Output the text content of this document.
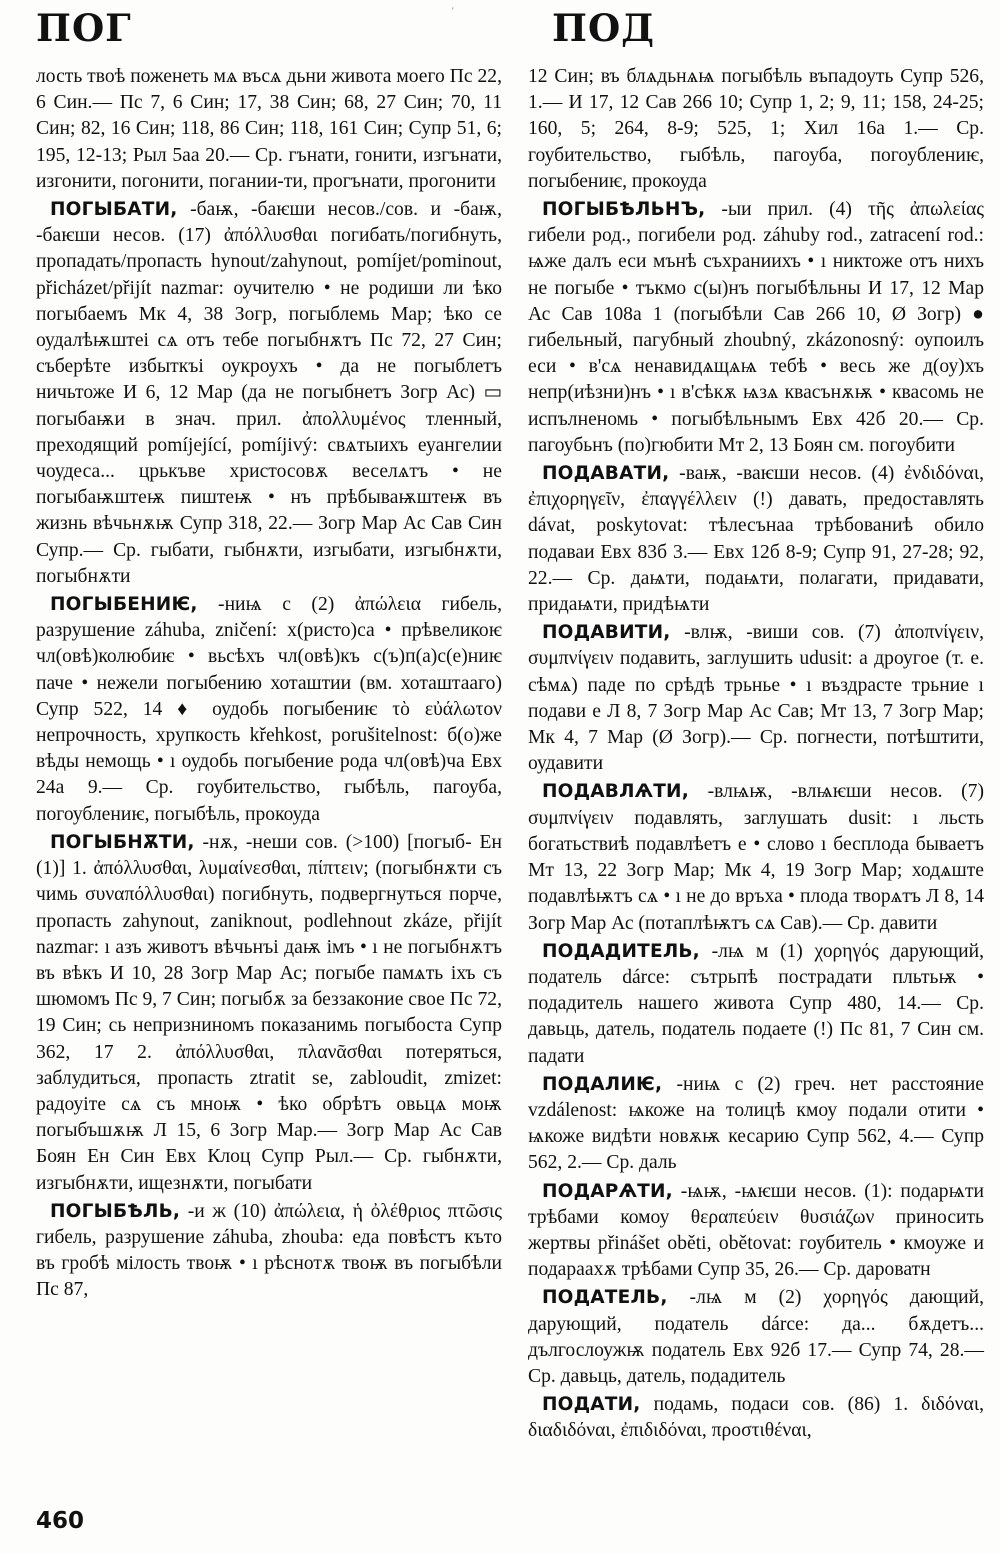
ПОГ	'	ПОД

лость твоѣ поженеть мѧ въсѧ дьни живота моего Пс 22, 6 Син.— Пс 7, 6 Син; 17, 38 Син; 68, 27 Син; 70, 11 Син; 82, 16 Син; 118, 86 Син; 118, 161 Син; Супр 51, 6; 195, 12-13; Рыл 5аа 20.— Ср. гънати, гонити, изгънати, изгонити, погонити, погании-ти, прогънати, прогонити

ПОГЫБАТИ, -баѭ, -баѥши несов./сов. и -баѭ, -баѥши несов. (17) ἀπόλλυσθαι погибать/погибнуть, пропадать/пропасть hynout/zahynout, pomíjet/pominout, přicházet/přijít nazmar: оучителю • не родиши ли ѣко погыбаемъ Мк 4, 38 Зогр, погыблемь Мар; ѣко се оудалѣѭштеі сѧ отъ тебе погыбнѫтъ Пс 72, 27 Син; съберѣте избыткъі оукроухъ • да не погыблетъ ничьтоже И 6, 12 Мар (да не погыбнетъ Зогр Ас) ▭ погыбаѭи в знач. прил. ἀπολλυμένος тленный, преходящий pomíjející, pomíjivý: свѧтыихъ еуангелии чоудеса... црькъве христосовѫ веселѧтъ • не погыбаѭштеѭ пиштеѭ • нъ прѣбываѭштеѭ въ жизнь вѣчьнѫѭ Супр 318, 22.— Зогр Мар Ас Сав Син Супр.— Ср. гыбати, гыбнѫти, изгыбати, изгыбнѫти, погыбнѫти

ПОГЫБЕНИѤ, -ниѩ с (2) ἀπώλεια гибель, разрушение záhuba, zničení: х(ристо)са • прѣвеликоѥ чл(овѣ)колюбиѥ • вьсѣхъ чл(овѣ)къ с(ъ)п(а)с(е)ниѥ паче • нежели погыбению хоташтии (вм. хоташтааго) Супр 522, 14 ♦ оудобь погыбениѥ τὸ εὐάλωτον непрочность, хрупкость křehkost, porušitelnost: б(о)же вѣды немощь • ı оудобь погыбение рода чл(овѣ)ча Евх 24а 9.— Ср. гоубительство, гыбѣль, пагоуба, погоублениѥ, погыбѣль, прокоуда

ПОГЫБНѪТИ, -нѫ, -неши сов. (>100) [погыб- Ен (1)] 1. ἀπόλλυσθαι, λυμαίνεσθαι, πίπτειν; (погыбнѫти съ чимь συναπόλλυσθαι) погибнуть, подвергнуться порче, пропасть zahynout, zaniknout, podlehnout zkáze, přijít nazmar: ı азъ животъ вѣчьнъі даѭ імъ • ı не погыбнѫтъ въ вѣкъ И 10, 28 Зогр Мар Ас; погыбе памѧть іхъ съ шюмомъ Пс 9, 7 Син; погыбѫ за беззаконие свое Пс 72, 19 Син; сь непризниномъ показанимь погыбоста Супр 362, 17 2. ἀπόλλυσθαι, πλανᾶσθαι потеряться, заблудиться, пропасть ztratit se, zabloudit, zmizet: радоуіте сѧ съ мноѭ • ѣко обрѣтъ овьцѧ моѭ погыбъшѫѭ Л 15, 6 Зогр Мар.— Зогр Мар Ас Сав Боян Ен Син Евх Клоц Супр Рыл.— Ср. гыбнѫти, изгыбнѫти, ищезнѫти, погыбати

ПОГЫБѢЛЬ, -и ж (10) ἀπώλεια, ἡ ὀλέθριος πτῶσις гибель, разрушение záhuba, zhouba: еда повѣстъ къто въ гробѣ мілость твоѭ • ı рѣснотѫ твоѭ въ погыбѣли Пс 87,

12 Син; въ блѧдьнѧѩ погыбѣль въпадоуть Супр 526, 1.— И 17, 12 Сав 266 10; Супр 1, 2; 9, 11; 158, 24-25; 160, 5; 264, 8-9; 525, 1; Хил 16а 1.— Ср. гоубительство, гыбѣль, пагоуба, погоублениѥ, погыбениѥ, прокоуда

ПОГЫБѢЛЬНЪ, -ыи прил. (4) τῆς ἀπωλείας гибели род., погибели род. záhuby rod., zatracení rod.: ѩже далъ еси мънѣ съхраниихъ • ı никтоже отъ нихъ не погыбе • тъкмо с(ы)нъ погыбѣльны И 17, 12 Мар Ас Сав 108а 1 (погыбѣли Сав 266 10, Ø Зогр) ● гибельный, пагубный zhoubný, zkázonosný: оупоилъ еси • в'сѧ ненавидѧщѧѩ тебѣ • весь же д(оу)хъ непр(иѣзни)нъ • ı в'сѣкѫ ѩзѧ квасънѫѭ • квасомь не испълненомь • погыбѣльнымъ Евх 42б 20.— Ср. пагоубьнъ (по)гюбити Мт 2, 13 Боян см. погоубити

ПОДАВАТИ, -ваѭ, -ваѥши несов. (4) ἐνδιδόναι, ἐπιχορηγεῖν, ἐπαγγέλλειν (!) давать, предоставлять dávat, poskytovat: тѣлесънаа трѣбованиѣ обило подаваи Евх 83б 3.— Евх 12б 8-9; Супр 91, 27-28; 92, 22.— Ср. даѩти, подаѩти, полагати, придавати, придаѩти, придѣѩти

ПОДАВИТИ, -влѭ, -виши сов. (7) ἀποπνίγειν, συμπνίγειν подавить, заглушить udusit: а дроугое (т. е. сѣмѧ) паде по срѣдѣ трьнье • ı въздрасте трьние ı подави е Л 8, 7 Зогр Мар Ас Сав; Мт 13, 7 Зогр Мар; Мк 4, 7 Мар (Ø Зогр).— Ср. погнести, потѣштити, оудавити

ПОДАВЛѦТИ, -влѩѭ, -влѩѥши несов. (7) συμπνίγειν подавлять, заглушать dusit: ı льсть богатьствиѣ подавлѣетъ е • слово ı бесплода бываетъ Мт 13, 22 Зогр Мар; Мк 4, 19 Зогр Мар; ходѧште подавлѣѭтъ сѧ • ı не до връха • плода творѧтъ Л 8, 14 Зогр Мар Ас (потаплѣѭтъ сѧ Сав).— Ср. давити

ПОДАДИТЕЛЬ, -лѩ м (1) χορηγός дарующий, податель dárce: сътрьпѣ пострадати пльтьѭ • подадитель нашего живота Супр 480, 14.— Ср. давьць, датель, податель подаете (!) Пс 81, 7 Син см. падати

ПОДАЛИѤ, -ниѩ с (2) греч. нет расстояние vzdálenost: ѩкоже на толицѣ кмоу подали отити • ѩкоже видѣти новѫѭ кесарию Супр 562, 4.— Супр 562, 2.— Ср. даль

ПОДАРѦТИ, -ѩѭ, -ѩѥши несов. (1): подарѩти трѣбами комоу θεραπεύειν θυσιάζων приносить жертвы přinášet oběti, obětovat: гоубитель • кмоуже и подараахѫ трѣбами Супр 35, 26.— Ср. дароватн

ПОДАТЕЛЬ, -лѩ м (2) χορηγός дающий, дарующий, податель dárce: да... бѫдетъ... дългослоужѭ податель Евх 92б 17.— Супр 74, 28.— Ср. давьць, датель, подадитель

ПОДАТИ, подамь, подаси сов. (86) 1. διδόναι, διαδιδόναι, ἐπιδιδόναι, προστιθέναι,

460
